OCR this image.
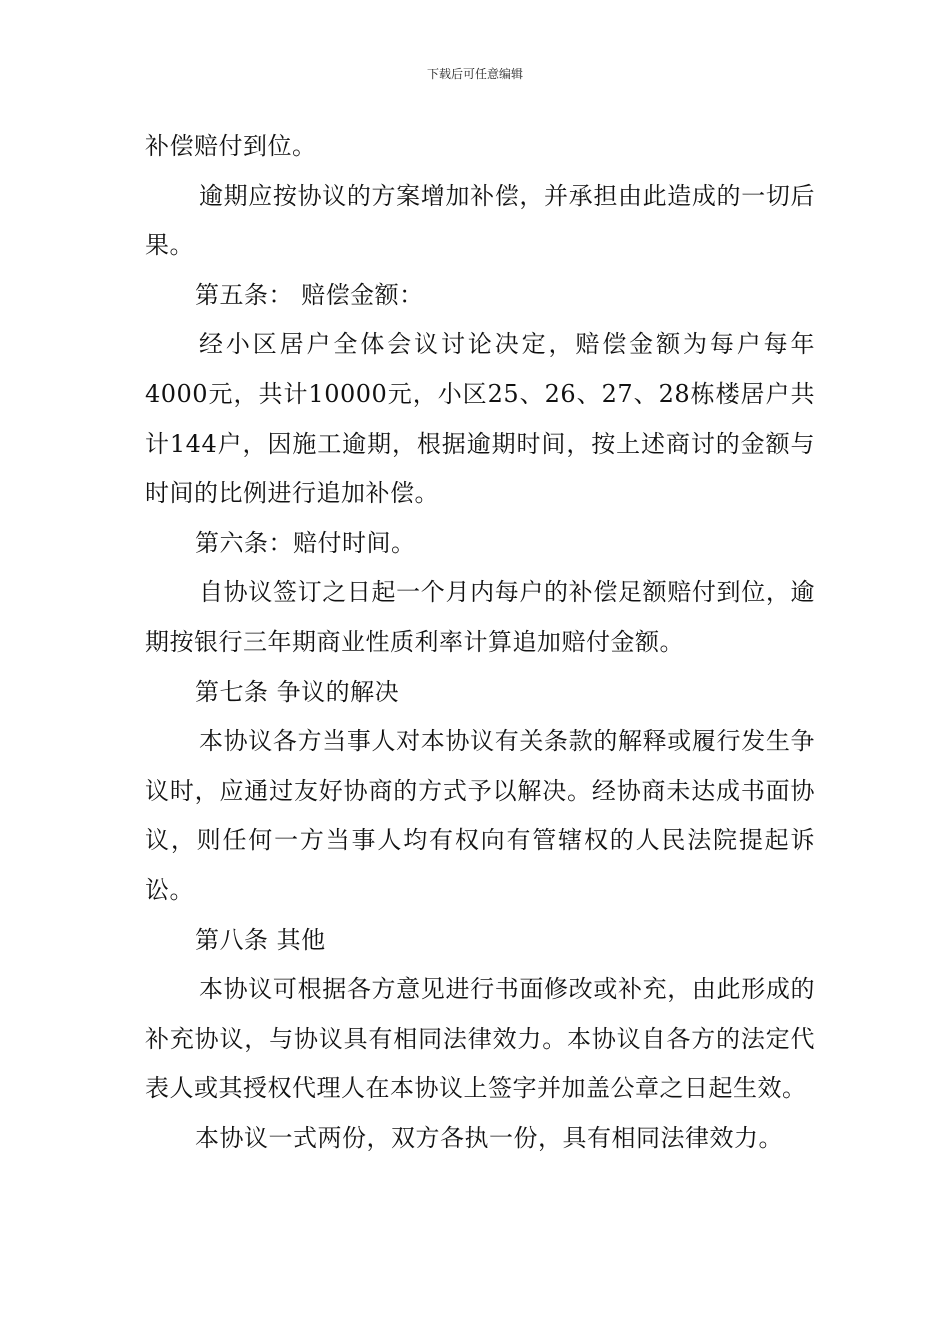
下载后可任意编辑

补偿赔付到位。

逾期应按协议的方案增加补偿，并承担由此造成的一切后果。

第五条： 赔偿金额：

经小区居户全体会议讨论决定，赔偿金额为每户每年4000元，共计10000元，小区25、26、27、28栋楼居户共计144户，因施工逾期，根据逾期时间，按上述商讨的金额与时间的比例进行追加补偿。

第六条：赔付时间。

自协议签订之日起一个月内每户的补偿足额赔付到位，逾期按银行三年期商业性质利率计算追加赔付金额。

第七条 争议的解决

本协议各方当事人对本协议有关条款的解释或履行发生争议时，应通过友好协商的方式予以解决。经协商未达成书面协议，则任何一方当事人均有权向有管辖权的人民法院提起诉讼。

第八条 其他

本协议可根据各方意见进行书面修改或补充，由此形成的补充协议，与协议具有相同法律效力。本协议自各方的法定代表人或其授权代理人在本协议上签字并加盖公章之日起生效。

本协议一式两份，双方各执一份，具有相同法律效力。
